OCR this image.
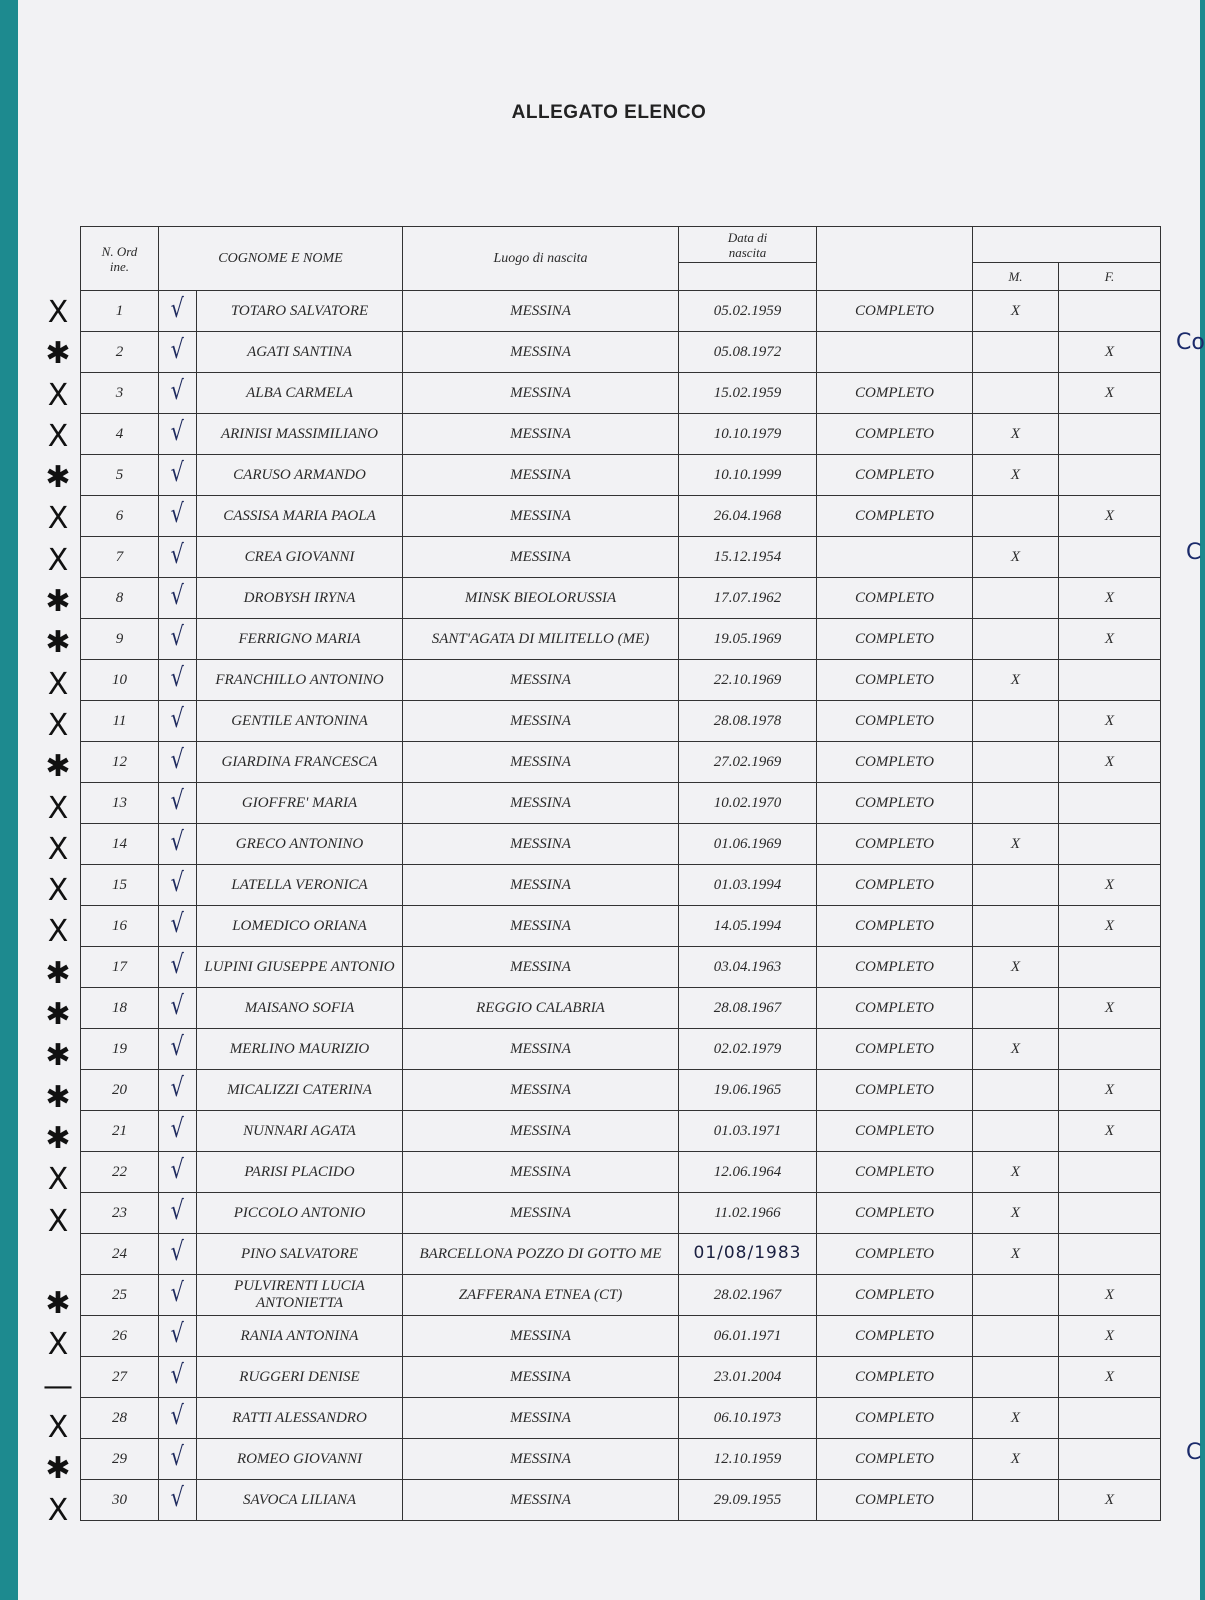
ALLEGATO ELENCO
N. Ord ine.	COGNOME E NOME		Luogo di nascita	Data di nascita			
						M.	F.
1	√	TOTARO SALVATORE	MESSINA	05.02.1959	COMPLETO	X	
2	√	AGATI SANTINA	MESSINA	05.08.1972			X
3	√	ALBA CARMELA	MESSINA	15.02.1959	COMPLETO		X
4	√	ARINISI MASSIMILIANO	MESSINA	10.10.1979	COMPLETO	X	
5	√	CARUSO ARMANDO	MESSINA	10.10.1999	COMPLETO	X	
6	√	CASSISA MARIA PAOLA	MESSINA	26.04.1968	COMPLETO		X
7	√	CREA GIOVANNI	MESSINA	15.12.1954		X	
8	√	DROBYSH IRYNA	MINSK BIEOLORUSSIA	17.07.1962	COMPLETO		X
9	√	FERRIGNO MARIA	SANT'AGATA DI MILITELLO (ME)	19.05.1969	COMPLETO		X
10	√	FRANCHILLO ANTONINO	MESSINA	22.10.1969	COMPLETO	X	
11	√	GENTILE ANTONINA	MESSINA	28.08.1978	COMPLETO		X
12	√	GIARDINA FRANCESCA	MESSINA	27.02.1969	COMPLETO		X
13	√	GIOFFRE' MARIA	MESSINA	10.02.1970	COMPLETO		
14	√	GRECO ANTONINO	MESSINA	01.06.1969	COMPLETO	X	
15	√	LATELLA VERONICA	MESSINA	01.03.1994	COMPLETO		X
16	√	LOMEDICO ORIANA	MESSINA	14.05.1994	COMPLETO		X
17	√	LUPINI GIUSEPPE ANTONIO	MESSINA	03.04.1963	COMPLETO	X	
18	√	MAISANO SOFIA	REGGIO CALABRIA	28.08.1967	COMPLETO		X
19	√	MERLINO MAURIZIO	MESSINA	02.02.1979	COMPLETO	X	
20	√	MICALIZZI CATERINA	MESSINA	19.06.1965	COMPLETO		X
21	√	NUNNARI AGATA	MESSINA	01.03.1971	COMPLETO		X
22	√	PARISI PLACIDO	MESSINA	12.06.1964	COMPLETO	X	
23	√	PICCOLO ANTONIO	MESSINA	11.02.1966	COMPLETO	X	
24	√	PINO SALVATORE	BARCELLONA POZZO DI GOTTO ME	01/08/1983	COMPLETO	X	
25	√	PULVIRENTI LUCIA ANTONIETTA	ZAFFERANA ETNEA (CT)	28.02.1967	COMPLETO		X
26	√	RANIA ANTONINA	MESSINA	06.01.1971	COMPLETO		X
27	√	RUGGERI DENISE	MESSINA	23.01.2004	COMPLETO		X
28	√	RATTI ALESSANDRO	MESSINA	06.10.1973	COMPLETO	X	
29	√	ROMEO GIOVANNI	MESSINA	12.10.1959	COMPLETO	X	
30	√	SAVOCA LILIANA	MESSINA	29.09.1955	COMPLETO		X
X
✱
X
X
✱
X
X
✱
✱
X
X
✱
X
X
X
X
✱
✱
✱
✱
✱
X
X
✱
X
—
X
✱
X
Co
C
C
